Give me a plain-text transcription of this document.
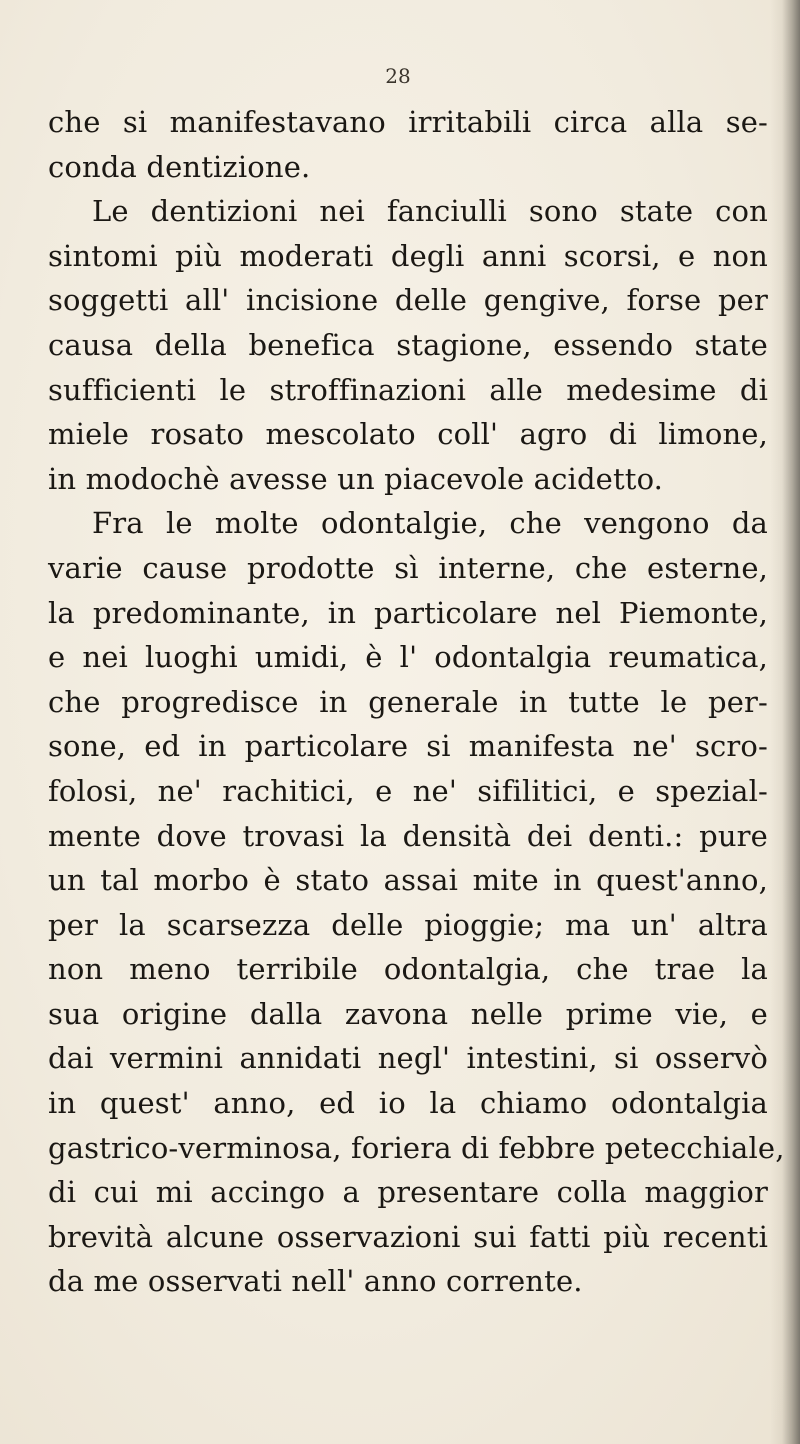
28
che si manifestavano irritabili circa alla se-
conda dentizione.
Le dentizioni nei fanciulli sono state con
sintomi più moderati degli anni scorsi, e non
soggetti all' incisione delle gengive, forse per
causa della benefica stagione, essendo state
sufficienti le stroffinazioni alle medesime di
miele rosato mescolato coll' agro di limone,
in modochè avesse un piacevole acidetto.
Fra le molte odontalgie, che vengono da
varie cause prodotte sì interne, che esterne,
la predominante, in particolare nel Piemonte,
e nei luoghi umidi, è l' odontalgia reumatica,
che progredisce in generale in tutte le per-
sone, ed in particolare si manifesta ne' scro-
folosi, ne' rachitici, e ne' sifilitici, e spezial-
mente dove trovasi la densità dei denti.: pure
un tal morbo è stato assai mite in quest'anno,
per la scarsezza delle pioggie; ma un' altra
non meno terribile odontalgia, che trae la
sua origine dalla zavona nelle prime vie, e
dai vermini annidati negl' intestini, si osservò
in quest' anno, ed io la chiamo odontalgia
gastrico-verminosa, foriera di febbre petecchiale,
di cui mi accingo a presentare colla maggior
brevità alcune osservazioni sui fatti più recenti
da me osservati nell' anno corrente.
